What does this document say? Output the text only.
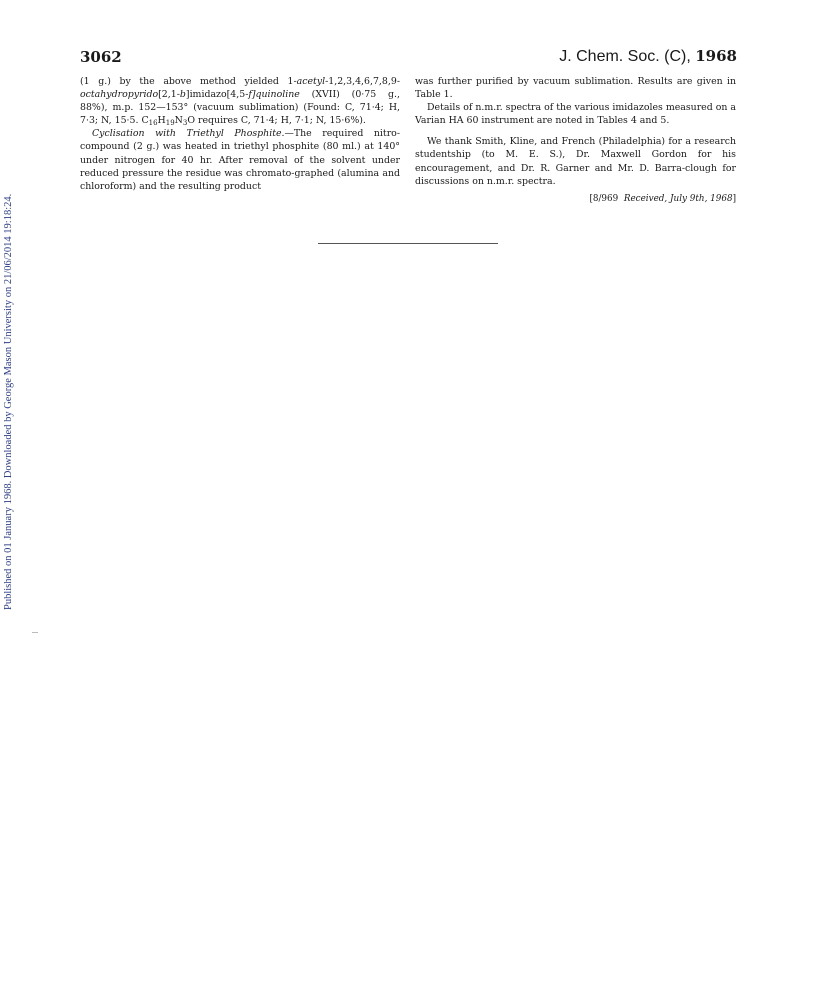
Published on 01 January 1968. Downloaded by George Mason University on 21/06/2014 19:18:24.
3062	J. Chem. Soc. (C), 1968

(1 g.) by the above method yielded 1-acetyl-1,2,3,4,6,7,8,9-octahydropyrido[2,1-b]imidazo[4,5-f]quinoline (XVII) (0·75 g., 88%), m.p. 152—153° (vacuum sublimation) (Found: C, 71·4; H, 7·3; N, 15·5. $C_{16}H_{19}N_3O$ requires C, 71·4; H, 7·1; N, 15·6%).

Cyclisation with Triethyl Phosphite.—The required nitro-compound (2 g.) was heated in triethyl phosphite (80 ml.) at 140° under nitrogen for 40 hr. After removal of the solvent under reduced pressure the residue was chromato-graphed (alumina and chloroform) and the resulting product

was further purified by vacuum sublimation. Results are given in Table 1.

Details of n.m.r. spectra of the various imidazoles measured on a Varian HA 60 instrument are noted in Tables 4 and 5.

We thank Smith, Kline, and French (Philadelphia) for a research studentship (to M. E. S.), Dr. Maxwell Gordon for his encouragement, and Dr. R. Garner and Mr. D. Barra-clough for discussions on n.m.r. spectra.

[8/969 Received, July 9th, 1968]
